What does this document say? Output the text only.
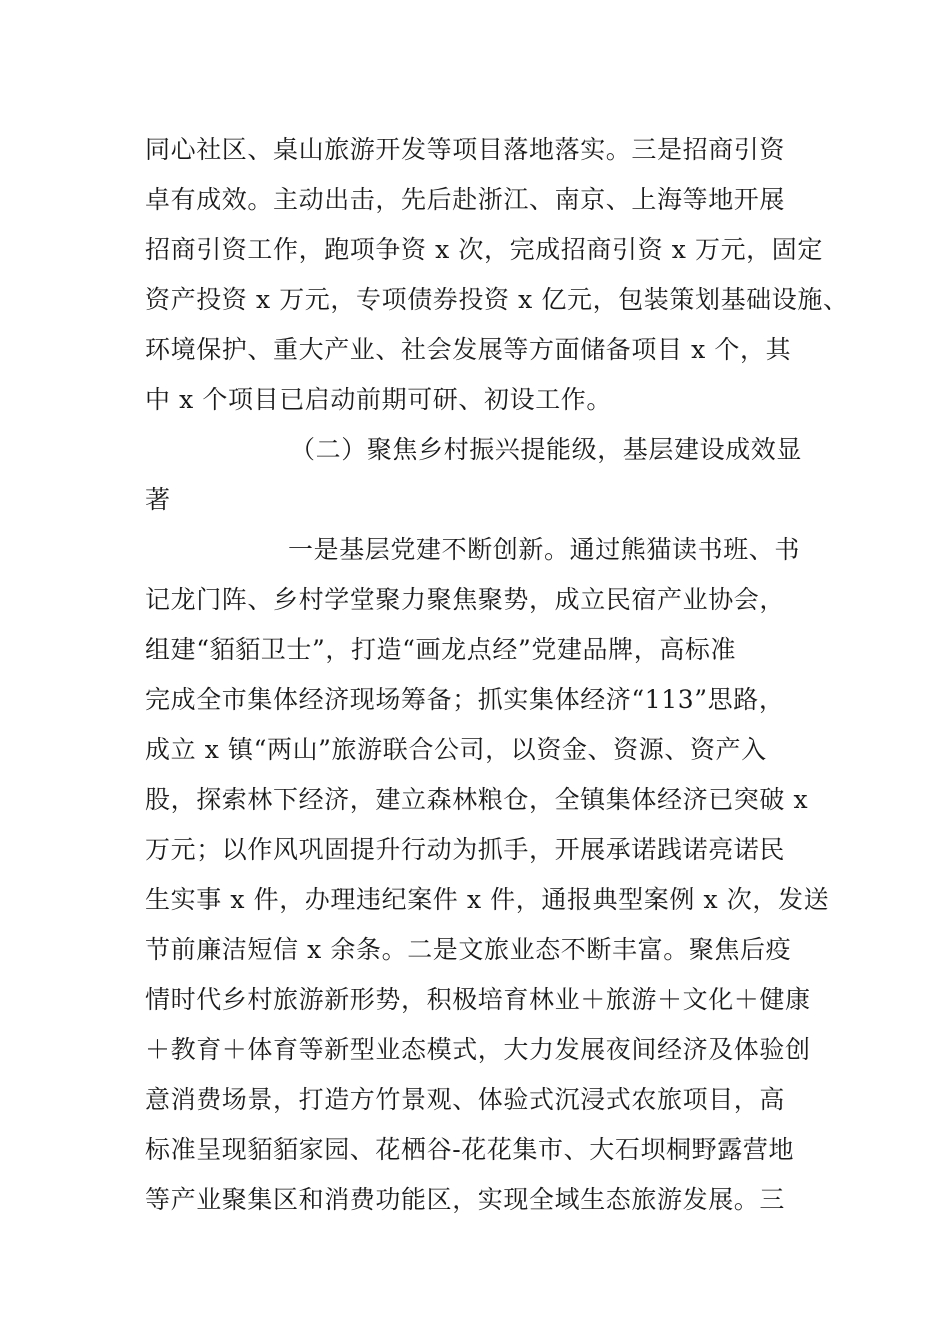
同心社区、桌山旅游开发等项目落地落实。三是招商引资
卓有成效。主动出击，先后赴浙江、南京、上海等地开展
招商引资工作，跑项争资 x 次，完成招商引资 x 万元，固定
资产投资 x 万元，专项债券投资 x 亿元，包装策划基础设施、
环境保护、重大产业、社会发展等方面储备项目 x 个，其
中 x 个项目已启动前期可研、初设工作。
（二）聚焦乡村振兴提能级，基层建设成效显
著
一是基层党建不断创新。通过熊猫读书班、书
记龙门阵、乡村学堂聚力聚焦聚势，成立民宿产业协会，
组建“貊貊卫士”，打造“画龙点经”党建品牌，高标准
完成全市集体经济现场筹备；抓实集体经济“113”思路，
成立 x 镇“两山”旅游联合公司，以资金、资源、资产入
股，探索林下经济，建立森林粮仓，全镇集体经济已突破 x
万元；以作风巩固提升行动为抓手，开展承诺践诺亮诺民
生实事 x 件，办理违纪案件 x 件，通报典型案例 x 次，发送
节前廉洁短信 x 余条。二是文旅业态不断丰富。聚焦后疫
情时代乡村旅游新形势，积极培育林业＋旅游＋文化＋健康
＋教育＋体育等新型业态模式，大力发展夜间经济及体验创
意消费场景，打造方竹景观、体验式沉浸式农旅项目，高
标准呈现貊貊家园、花栖谷-花花集市、大石坝桐野露营地
等产业聚集区和消费功能区，实现全域生态旅游发展。三
